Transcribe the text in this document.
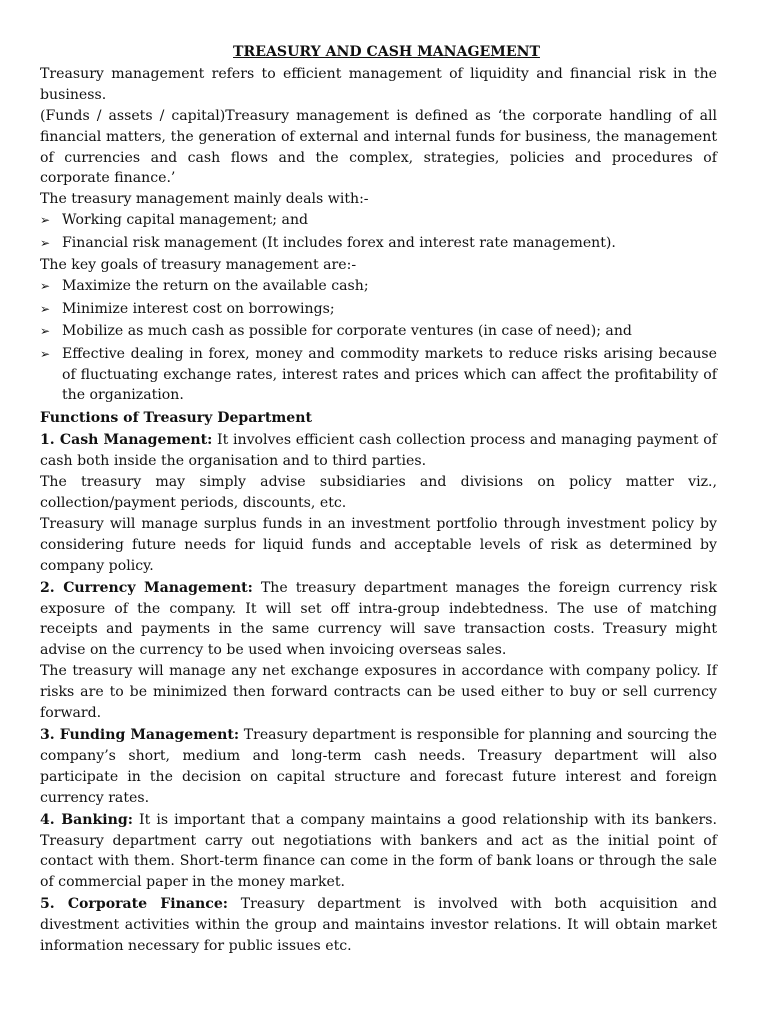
TREASURY AND CASH MANAGEMENT

Treasury management refers to efficient management of liquidity and financial risk in the business.

(Funds / assets / capital)Treasury management is defined as ‘the corporate handling of all financial matters, the generation of external and internal funds for business, the management of currencies and cash flows and the complex, strategies, policies and procedures of corporate finance.’

The treasury management mainly deals with:-

➢ Working capital management; and
➢ Financial risk management (It includes forex and interest rate management).

The key goals of treasury management are:-

➢ Maximize the return on the available cash;
➢ Minimize interest cost on borrowings;
➢ Mobilize as much cash as possible for corporate ventures (in case of need); and
➢ Effective dealing in forex, money and commodity markets to reduce risks arising because of fluctuating exchange rates, interest rates and prices which can affect the profitability of the organization.
Functions of Treasury Department

1. Cash Management: It involves efficient cash collection process and managing payment of cash both inside the organisation and to third parties.

The treasury may simply advise subsidiaries and divisions on policy matter viz., collection/payment periods, discounts, etc.

Treasury will manage surplus funds in an investment portfolio through investment policy by considering future needs for liquid funds and acceptable levels of risk as determined by company policy.

2. Currency Management: The treasury department manages the foreign currency risk exposure of the company. It will set off intra-group indebtedness. The use of matching receipts and payments in the same currency will save transaction costs. Treasury might advise on the currency to be used when invoicing overseas sales.

The treasury will manage any net exchange exposures in accordance with company policy. If risks are to be minimized then forward contracts can be used either to buy or sell currency forward.

3. Funding Management: Treasury department is responsible for planning and sourcing the company’s short, medium and long-term cash needs. Treasury department will also participate in the decision on capital structure and forecast future interest and foreign currency rates.

4. Banking: It is important that a company maintains a good relationship with its bankers. Treasury department carry out negotiations with bankers and act as the initial point of contact with them. Short-term finance can come in the form of bank loans or through the sale of commercial paper in the money market.

5. Corporate Finance: Treasury department is involved with both acquisition and divestment activities within the group and maintains investor relations. It will obtain market information necessary for public issues etc.
